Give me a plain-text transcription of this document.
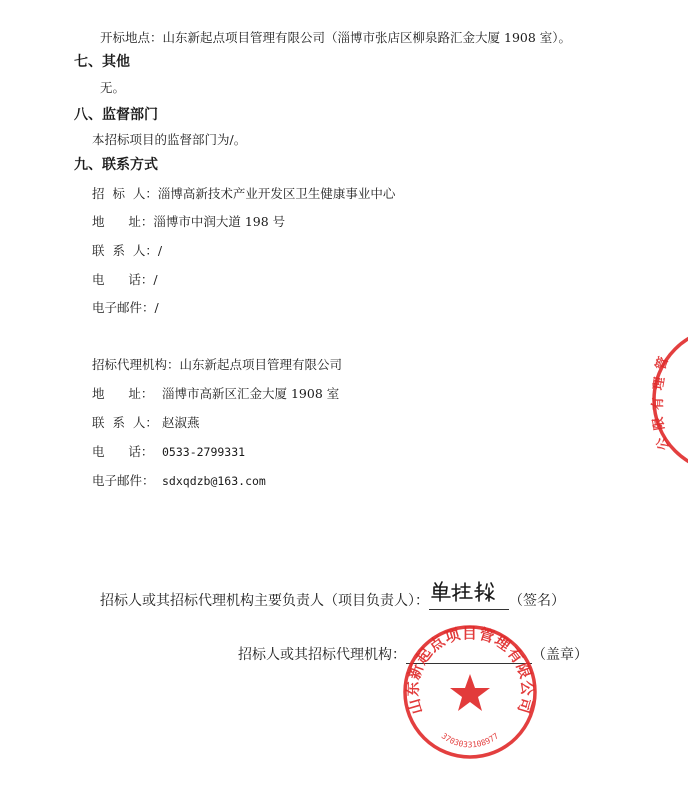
开标地点：山东新起点项目管理有限公司（淄博市张店区柳泉路汇金大厦 1908 室）。
七、其他
无。
八、监督部门
本招标项目的监督部门为/。
九、联系方式
招  标  人：淄博高新技术产业开发区卫生健康事业中心
地      址：淄博市中润大道 198 号
联  系  人：/
电      话：/
电子邮件：/
招标代理机构：山东新起点项目管理有限公司
地      址： 淄博市高新区汇金大厦 1908 室
联  系  人： 赵淑燕
电      话： 0533-2799331
电子邮件： sdxqdzb@163.com
招标人或其招标代理机构主要负责人（项目负责人）：	（签名）
招标人或其招标代理机构：	（盖章）
山东新起点项目管理有限公司
3703033108977
管
理
有
限
公
